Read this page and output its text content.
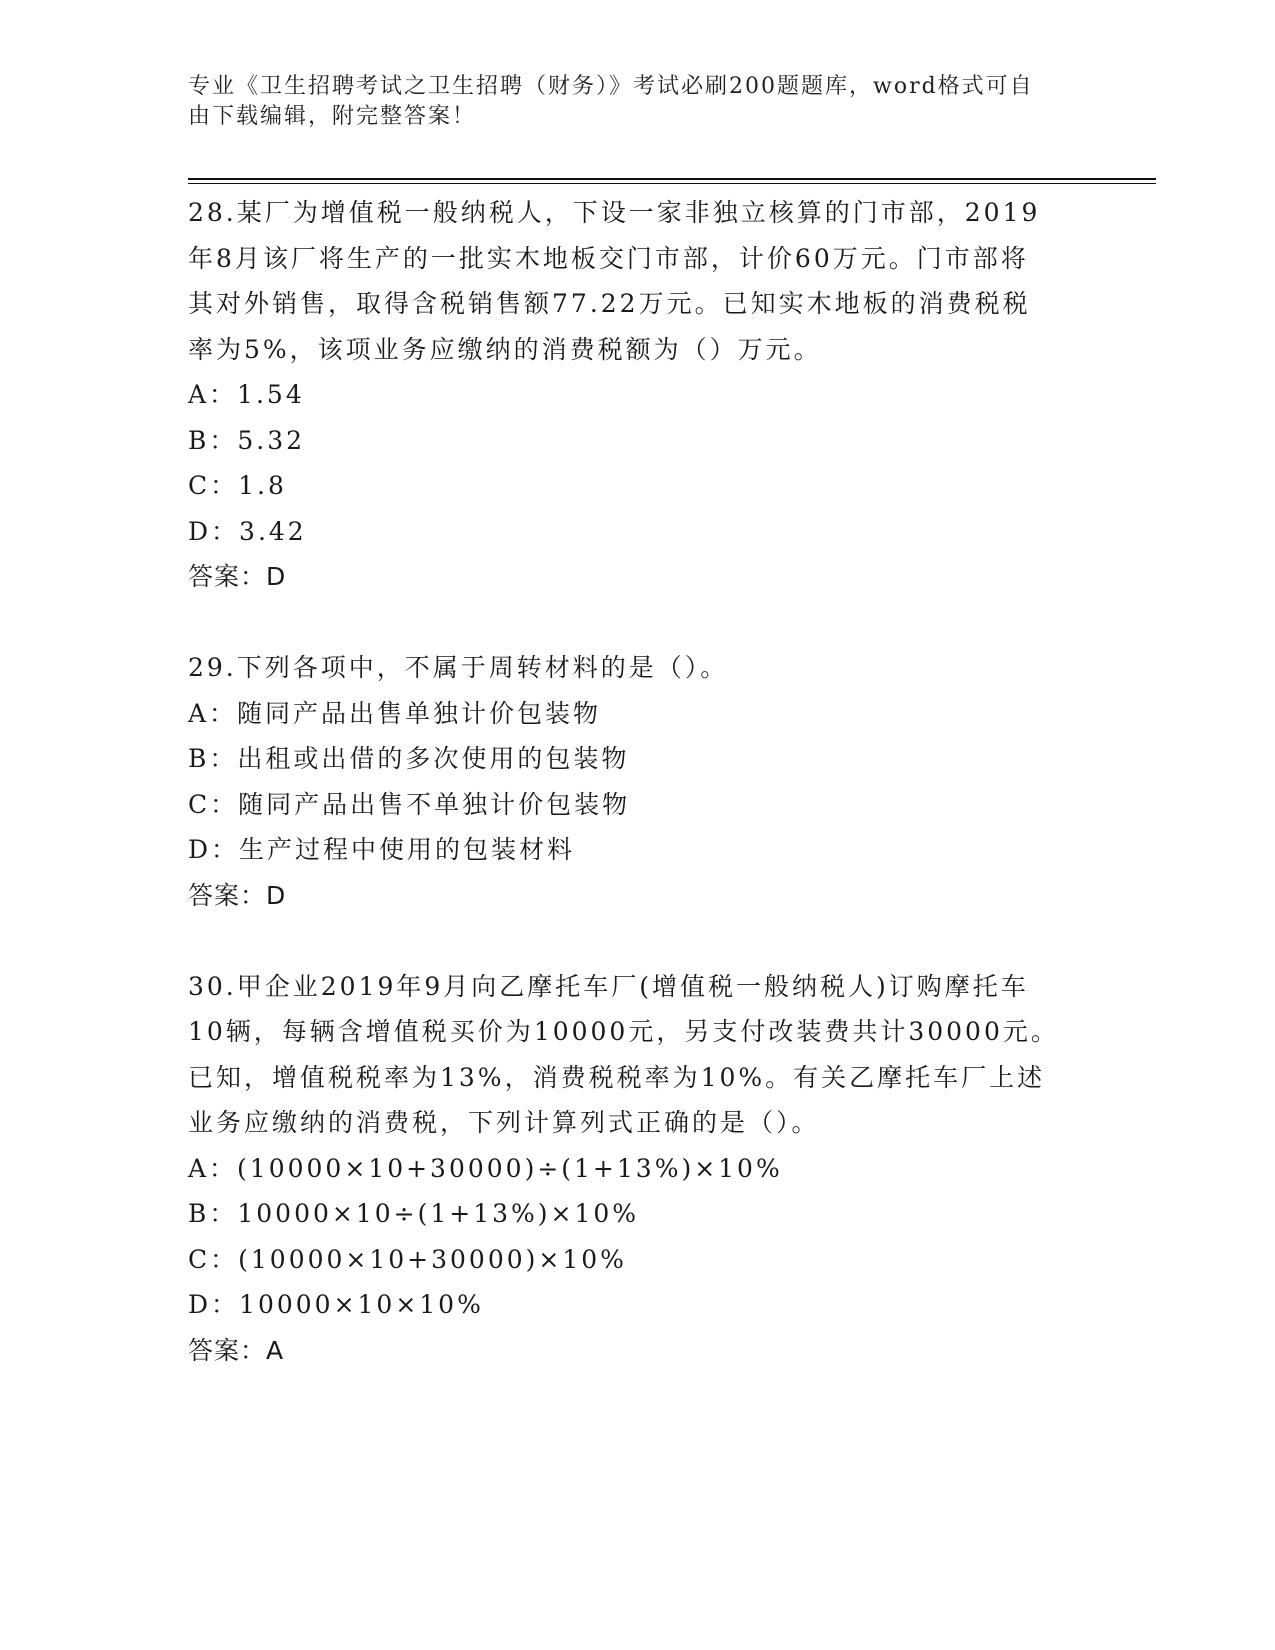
专业《卫生招聘考试之卫生招聘（财务）》考试必刷200题题库，word格式可自
由下载编辑，附完整答案！

28.某厂为增值税一般纳税人，下设一家非独立核算的门市部，2019

年8月该厂将生产的一批实木地板交门市部，计价60万元。门市部将

其对外销售，取得含税销售额77.22万元。已知实木地板的消费税税

率为5%，该项业务应缴纳的消费税额为（）万元。

A：1.54

B：5.32

C：1.8

D：3.42

答案：D

29.下列各项中，不属于周转材料的是（）。

A：随同产品出售单独计价包装物

B：出租或出借的多次使用的包装物

C：随同产品出售不单独计价包装物

D：生产过程中使用的包装材料

答案：D

30.甲企业2019年9月向乙摩托车厂(增值税一般纳税人)订购摩托车

10辆，每辆含增值税买价为10000元，另支付改装费共计30000元。

已知，增值税税率为13%，消费税税率为10%。有关乙摩托车厂上述

业务应缴纳的消费税，下列计算列式正确的是（）。

A：(10000×10+30000)÷(1+13%)×10%

B：10000×10÷(1+13%)×10%

C：(10000×10+30000)×10%

D：10000×10×10%

答案：A
